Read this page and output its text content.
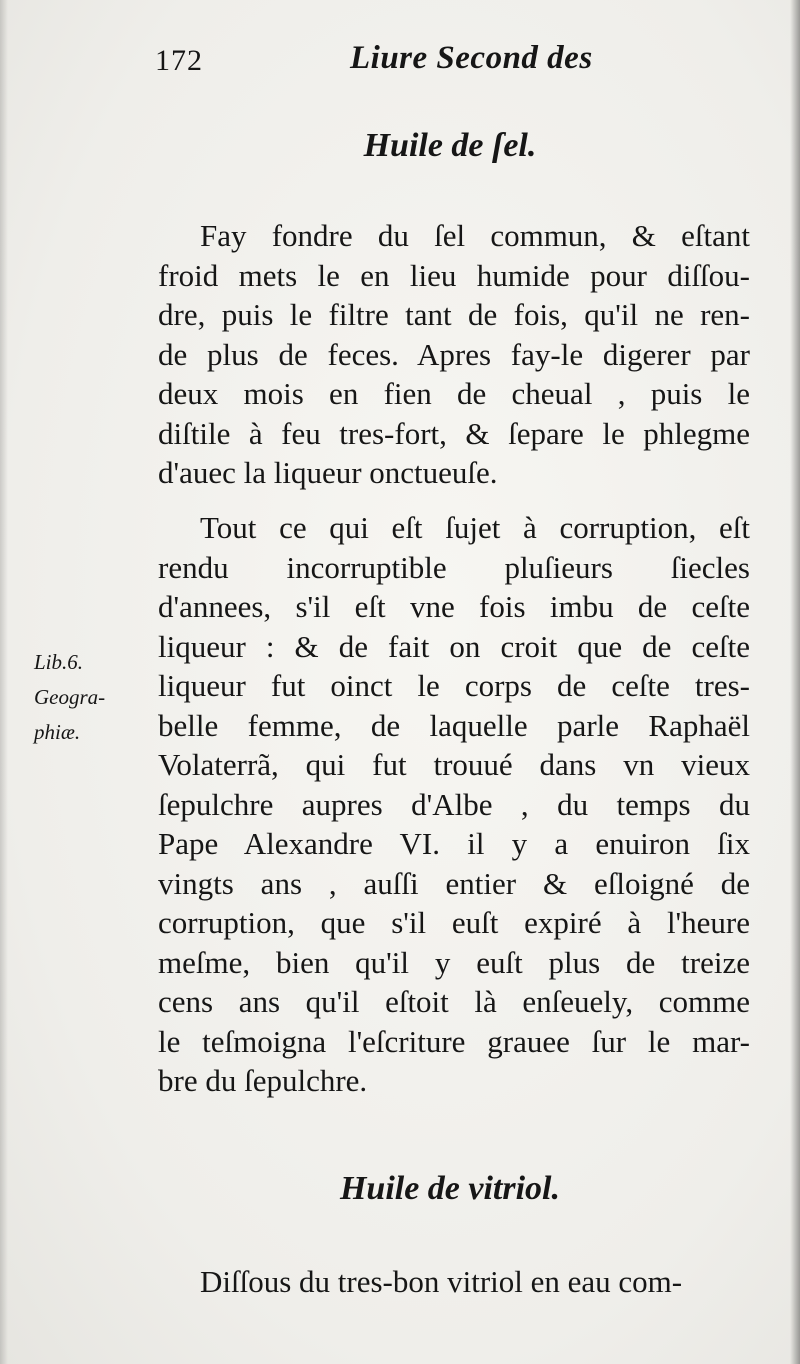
172	Liure Second des
Huile de ſel.
Fay fondre du ſel commun, & eſtant
froid mets le en lieu humide pour diſſou-
dre, puis le filtre tant de fois, qu'il ne ren-
de plus de feces. Apres fay-le digerer par
deux mois en fien de cheual , puis le
diſtile à feu tres-fort, & ſepare le phlegme
d'auec la liqueur onctueuſe.
Tout ce qui eſt ſujet à corruption, eſt
rendu incorruptible pluſieurs ſiecles
d'annees, s'il eſt vne fois imbu de ceſte
liqueur : & de fait on croit que de ceſte
liqueur fut oinct le corps de ceſte tres-
belle femme, de laquelle parle Raphaël
Volaterrã, qui fut trouué dans vn vieux
ſepulchre aupres d'Albe , du temps du
Pape Alexandre VI. il y a enuiron ſix
vingts ans , auſſi entier & eſloigné de
corruption, que s'il euſt expiré à l'heure
meſme, bien qu'il y euſt plus de treize
cens ans qu'il eſtoit là enſeuely, comme
le teſmoigna l'eſcriture grauee ſur le mar-
bre du ſepulchre.
Lib.6.
Geogra-
phiæ.
Huile de vitriol.
Diſſous du tres-bon vitriol en eau com-
